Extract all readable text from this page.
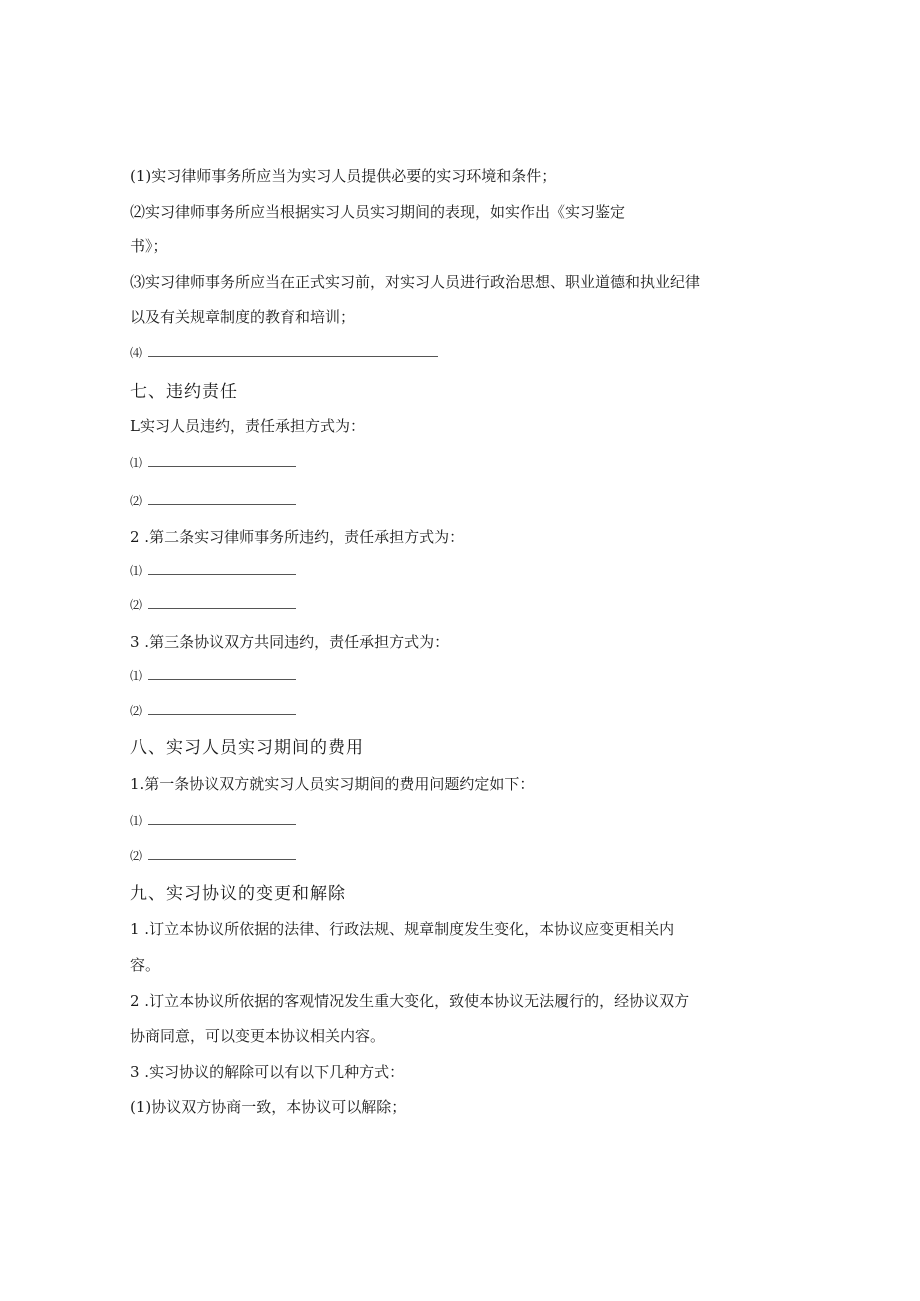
(1)实习律师事务所应当为实习人员提供必要的实习环境和条件；
⑵实习律师事务所应当根据实习人员实习期间的表现，如实作出《实习鉴定
书》；
⑶实习律师事务所应当在正式实习前，对实习人员进行政治思想、职业道德和执业纪律
以及有关规章制度的教育和培训；
⑷
七、违约责任
L实习人员违约，责任承担方式为：
⑴
⑵
2 .第二条实习律师事务所违约，责任承担方式为：
⑴
⑵
3 .第三条协议双方共同违约，责任承担方式为：
⑴
⑵
八、实习人员实习期间的费用
1.第一条协议双方就实习人员实习期间的费用问题约定如下：
⑴
⑵
九、实习协议的变更和解除
1 .订立本协议所依据的法律、行政法规、规章制度发生变化，本协议应变更相关内
容。
2 .订立本协议所依据的客观情况发生重大变化，致使本协议无法履行的，经协议双方
协商同意，可以变更本协议相关内容。
3 .实习协议的解除可以有以下几种方式：
(1)协议双方协商一致，本协议可以解除；
